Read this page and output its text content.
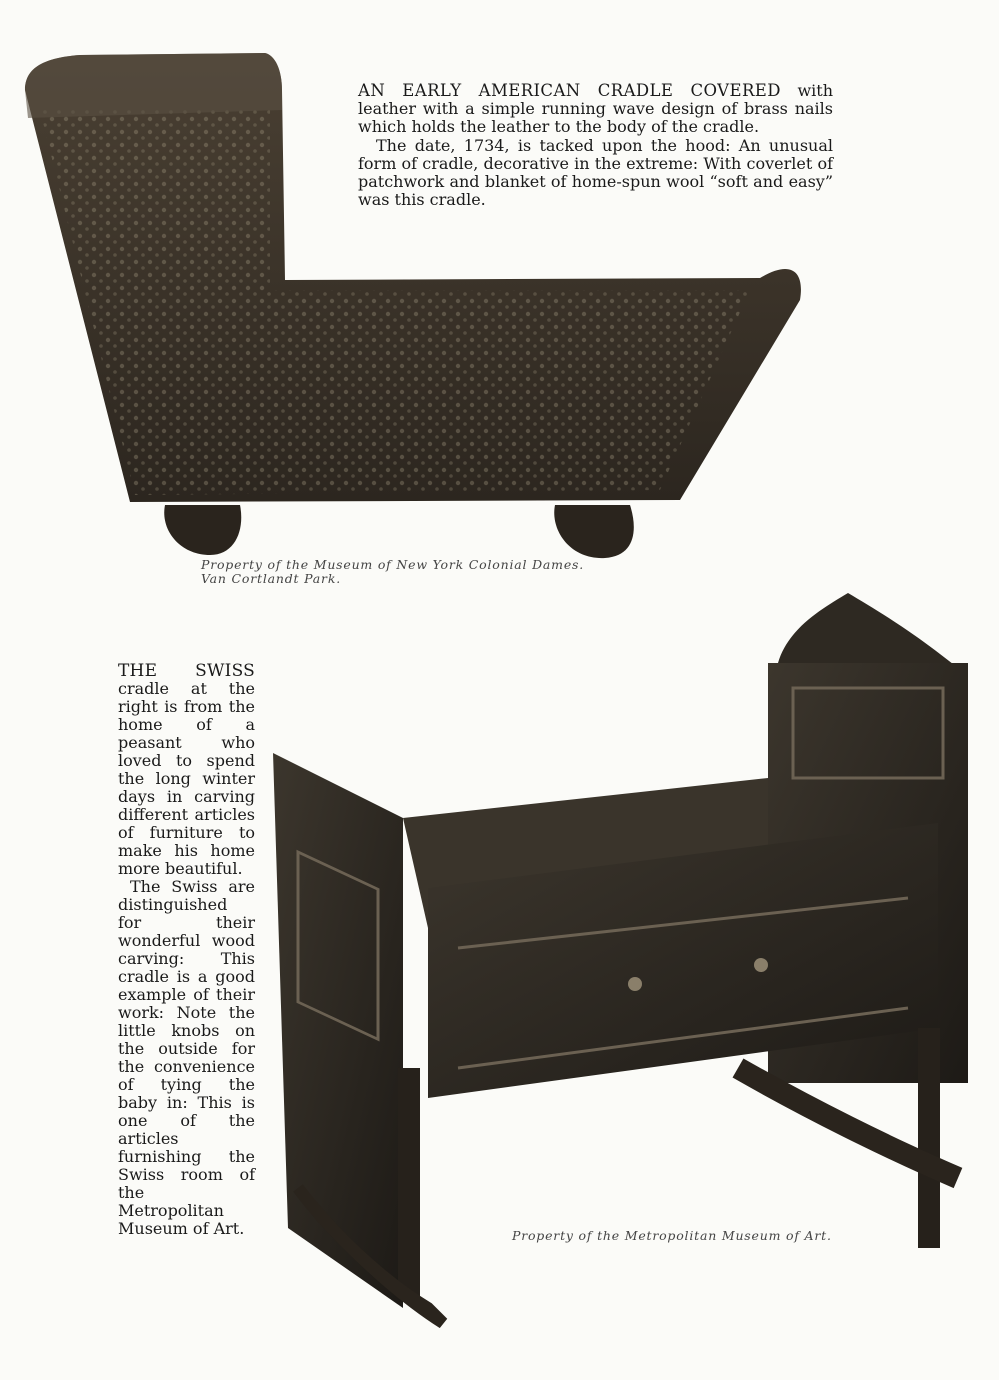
AN EARLY AMERICAN CRADLE COVERED with leather with a simple running wave design of brass nails which holds the leather to the body of the cradle.

The date, 1734, is tacked upon the hood: An unusual form of cradle, decorative in the extreme: With coverlet of patchwork and blanket of home-spun wool “soft and easy” was this cradle.

Property of the Museum of New York Colonial Dames.
Van Cortlandt Park.

THE SWISS cradle at the right is from the home of a peasant who loved to spend the long winter days in carving different articles of furniture to make his home more beautiful.

The Swiss are distinguished for their wonderful wood carving: This cradle is a good example of their work: Note the little knobs on the outside for the convenience of tying the baby in: This is one of the articles furnishing the Swiss room of the Metropolitan Museum of Art.	Property of the Metropolitan Museum of Art.
